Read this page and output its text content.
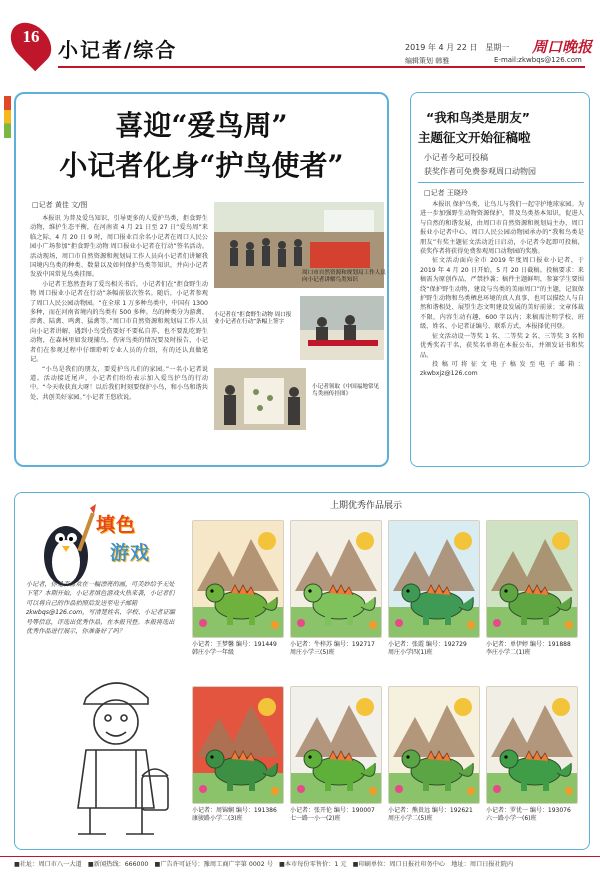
16
小记者/综合	2019 年 4 月 22 日　星期一 周口晚报
编辑策划 韩雅	E-mail:zkwbqs@126.com
喜迎“爱鸟周”
小记者化身“护鸟使者”
□记者 黄佳 文/图

本报讯 为普及爱鸟知识，引导更多的人爱护鸟类，拒食野生动物，维护生态平衡，在河南省 4 月 21 日至 27 日“爱鸟周”来临之际，4 月 20 日 9 时，周口报业百余名小记者在周口人民公园小广场参加“拒食野生动物 周口报业小记者在行动”签名活动。活动现场，周口市自然资源和规划局工作人员向小记者们讲解我国境内鸟类的种类、数量以及如何保护鸟类等知识，并向小记者发放中国常见鸟类挂图。

小记者王悠然查询了爱鸟相关书后，小记者们在“拒食野生动物 周口报业小记者在行动”条幅前依次签名。随后，小记者参观了周口人民公园动物园。“在全球 1 万多种鸟类中，中国有 1300 多种，而在河南省境内的鸟类有 500 多种。鸟的种类分为游禽、涉禽、陆禽、鸣禽、猛禽等。”周口市自然资源和规划局工作人员向小记者讲解，遇到小鸟受伤要好不要私自养，也不要乱吃野生动物，在森林里如发现捕鸟、伤害鸟类的情况要及时报告，小记者们在参观过程中仔细聆听专业人员的介绍，有的还认真做笔记。

“小鸟是我们的朋友，要爱护鸟儿们的家园。”一名小记者说道。活动接近尾声，小记者们纷纷表示加入爱鸟护鸟的行动中。“今天收获真大呀！以后我们时刻要保护小鸟，和小鸟和谐共处，共创美好家园。”小记者王悠欣说。

周口市自然资源和规划局工作人员向小记者讲解鸟类知识
小记者在“拒食野生动物 周口报业小记者在行动”条幅上签字
小记者领取《中国福地常见鸟类画传挂图》
“我和鸟类是朋友”
主题征文开始征稿啦
小记者今起可投稿
获奖作者可免费参观周口动物园
□记者 王晓玲

本报讯 保护鸟类，让鸟儿与我们一起守护地球家园。为进一步加强野生动物资源保护，普及鸟类基本知识，促进人与自然的和谐发展，由周口市自然资源和规划局主办，周口报业小记者中心、周口人民公园动物园承办的“我和鸟类是朋友”有奖主题征文活动近日启动，小记者今起即可投稿，获奖作者将获得免费参观周口动物园的奖励。

征文活动面向全市 2019 年度周口报业小记者，于 2019 年 4 月 20 日开始，5 月 20 日截稿。投稿要求：来稿需为原创作品，严禁抄袭；稿件主题鲜明，参赛学生要围绕“保护野生动物，建设与鸟类的美丽周口”的主题，记叙保护野生动物和鸟类栖息环境的真人真事，也可以描绘人与自然和谐相处、展望生态文明建设发展的美好前景；文章体裁不限，内容生动有趣，600 字以内；来稿需注明学校、班级、姓名、小记者证编号、联系方式，本报择优刊登。

征文活动设一等奖 1 名、二等奖 2 名、三等奖 3 名和优秀奖若干名，获奖名单将在本报公布，并颁发证书和奖品。

投稿可将征文电子稿发至电子邮箱：zkwbxjz@126.com

上期优秀作品展示
填色
游戏
小记者，你是否喜欢在一幅漂亮的画，可美妙给予无处下笔？本期开始，小记者填色游戏火热来袭，小记者们可以将自己的作品拍照后发送至电子邮箱zkwbqs@126.com，写清楚姓名、学校、小记者证编号等信息，评选出优秀作品，在本报刊登。本报将选出优秀作品进行展示，你准备好了吗？
小记者：王梦馨 编号：191449
韩庄小学一年级
小记者：牛梓苏 编号：192717
周庄小学三(5)班
小记者：张霞 编号：192729
周庄小学四(1)班
小记者：单伊婷 编号：191888
李庄小学二(1)班
小记者：周锦娴 编号：191386
康骏路小学二(3)班
小记者：张开伦 编号：190007
七一路一小一(2)班
小记者：熊贵远 编号：192621
周庄小学二(5)班
小记者：罗优一 编号：193076
六一路小学一(6)班
■社址：周口市八一大道　■新闻热线：666000　■广告许可证号：豫周工商广字第 0002 号　■本市每份零售价：1 元　■印刷单位：周口日报社印务中心　地址：周口日报社院内
